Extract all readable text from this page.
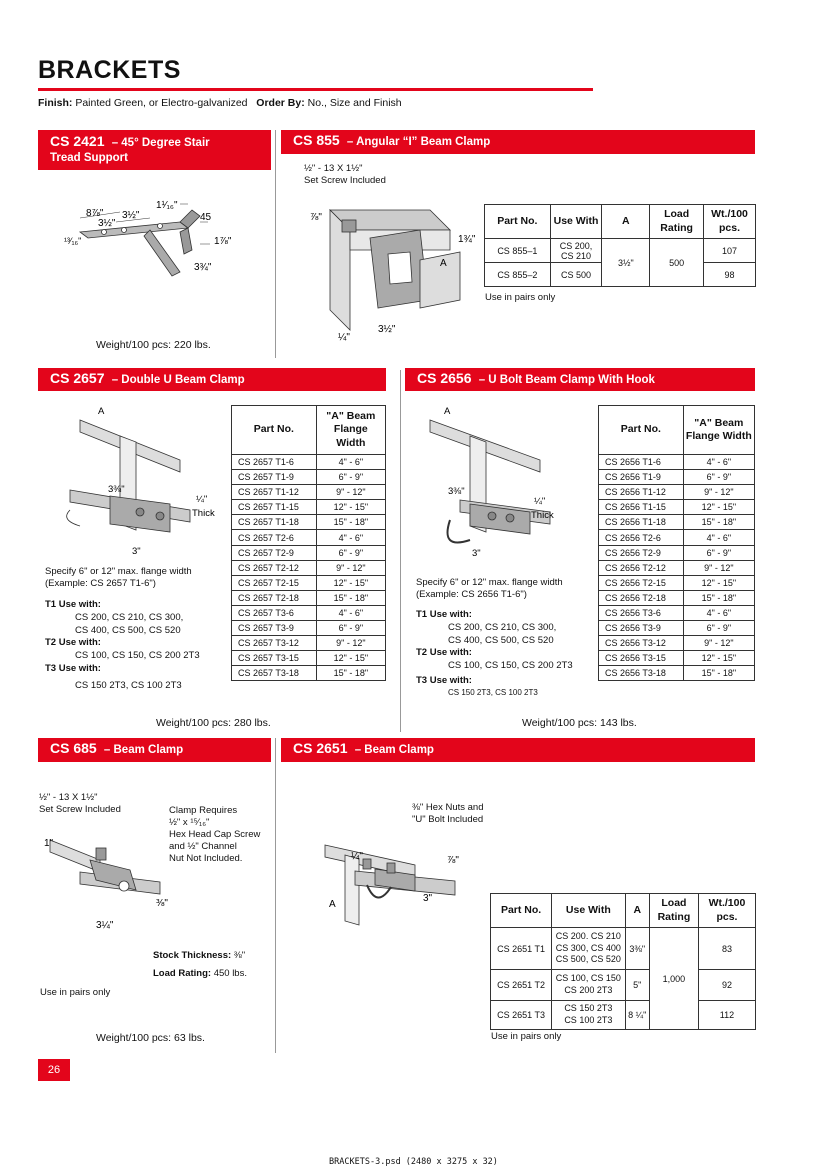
BRACKETS
Finish: Painted Green, or Electro-galvanized Order By: No., Size and Finish
CS 2421 – 45° Degree Stair
Tread Support
8⅞" 3½"
3½"
1¹⁄₁₆"
45
¹³⁄₁₆"	1⅞"
3¾"
Weight/100 pcs: 220 lbs.
CS 855 – Angular “I” Beam Clamp
½" - 13 X 1½"
Set Screw Included
⅞"
1¾"
A
¼"
3½"
Part No.	Use With	A	Load Rating	Wt./100 pcs.
CS 855–1	CS 200, CS 210	3½"	500	107
CS 855–2	CS 500			98
Use in pairs only
CS 2657 – Double U Beam Clamp
A
3⅜"
¼"
Thick
3"
Specify 6" or 12" max. flange width
(Example: CS 2657 T1-6")
T1 Use with:
CS 200, CS 210, CS 300,
CS 400, CS 500, CS 520
T2 Use with:
CS 100, CS 150, CS 200 2T3
T3 Use with:
CS 150 2T3, CS 100 2T3
Part No.	"A" Beam Flange Width
CS 2657 T1-6	4" - 6"
CS 2657 T1-9	6" - 9"
CS 2657 T1-12	9" - 12"
CS 2657 T1-15	12" - 15"
CS 2657 T1-18	15" - 18"
CS 2657 T2-6	4" - 6"
CS 2657 T2-9	6" - 9"
CS 2657 T2-12	9" - 12"
CS 2657 T2-15	12" - 15"
CS 2657 T2-18	15" - 18"
CS 2657 T3-6	4" - 6"
CS 2657 T3-9	6" - 9"
CS 2657 T3-12	9" - 12"
CS 2657 T3-15	12" - 15"
CS 2657 T3-18	15" - 18"
Weight/100 pcs: 280 lbs.
CS 2656 – U Bolt Beam Clamp With Hook
A
3⅜"
¼"
Thick
3"
Specify 6" or 12" max. flange width
(Example: CS 2656 T1-6")
T1 Use with:
CS 200, CS 210, CS 300,
CS 400, CS 500, CS 520
T2 Use with:
CS 100, CS 150, CS 200 2T3
T3 Use with:
CS 150 2T3, CS 100 2T3
Part No.	"A" Beam Flange Width
CS 2656 T1-6	4" - 6"
CS 2656 T1-9	6" - 9"
CS 2656 T1-12	9" - 12"
CS 2656 T1-15	12" - 15"
CS 2656 T1-18	15" - 18"
CS 2656 T2-6	4" - 6"
CS 2656 T2-9	6" - 9"
CS 2656 T2-12	9" - 12"
CS 2656 T2-15	12" - 15"
CS 2656 T2-18	15" - 18"
CS 2656 T3-6	4" - 6"
CS 2656 T3-9	6" - 9"
CS 2656 T3-12	9" - 12"
CS 2656 T3-15	12" - 15"
CS 2656 T3-18	15" - 18"
Weight/100 pcs: 143 lbs.
CS 685 – Beam Clamp
½" - 13 X 1½"
Set Screw Included	Clamp Requires
½" x ¹⁵⁄₁₆"
Hex Head Cap Screw
and ½" Channel
Nut Not Included.
1"
⅜"
3¼"
Stock Thickness: ⅜"
Load Rating: 450 lbs.
Use in pairs only
Weight/100 pcs: 63 lbs.
CS 2651 – Beam Clamp
⅜" Hex Nuts and
"U" Bolt Included
¼"	⅞"
3"
A	Part No.	Use With	A	Load Rating	Wt./100 pcs.
CS 2651 T1	CS 200. CS 210
CS 300, CS 400
CS 500, CS 520	3⅜"	1,000	83
CS 2651 T2	CS 100, CS 150
CS 200 2T3	5"		92
CS 2651 T3	CS 150 2T3
CS 100 2T3	8 ¼"		112
Use in pairs only
26
BRACKETS-3.psd (2480 x 3275 x 32)
